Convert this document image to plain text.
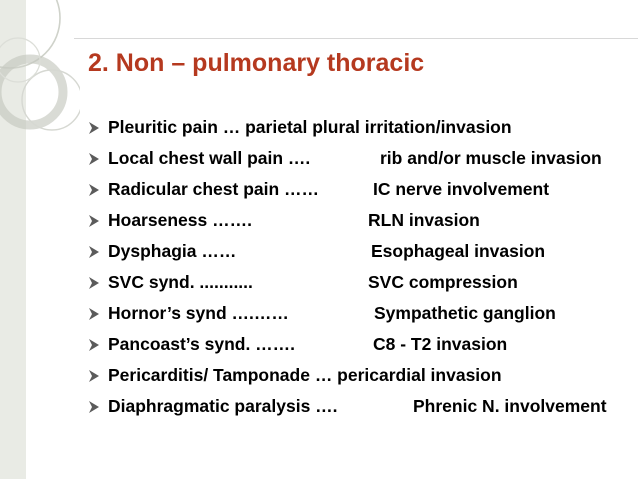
2. Non – pulmonary thoracic
Pleuritic pain … parietal plural irritation/invasion
Local chest wall pain ….	rib and/or muscle invasion
Radicular chest pain ……	IC nerve involvement
Hoarseness …….	RLN invasion
Dysphagia ……	Esophageal invasion
SVC synd. ...........	SVC compression
Hornor’s synd ….……	Sympathetic ganglion
Pancoast’s synd. …….	C8 - T2 invasion
Pericarditis/ Tamponade … pericardial invasion
Diaphragmatic paralysis ….	Phrenic N. involvement
